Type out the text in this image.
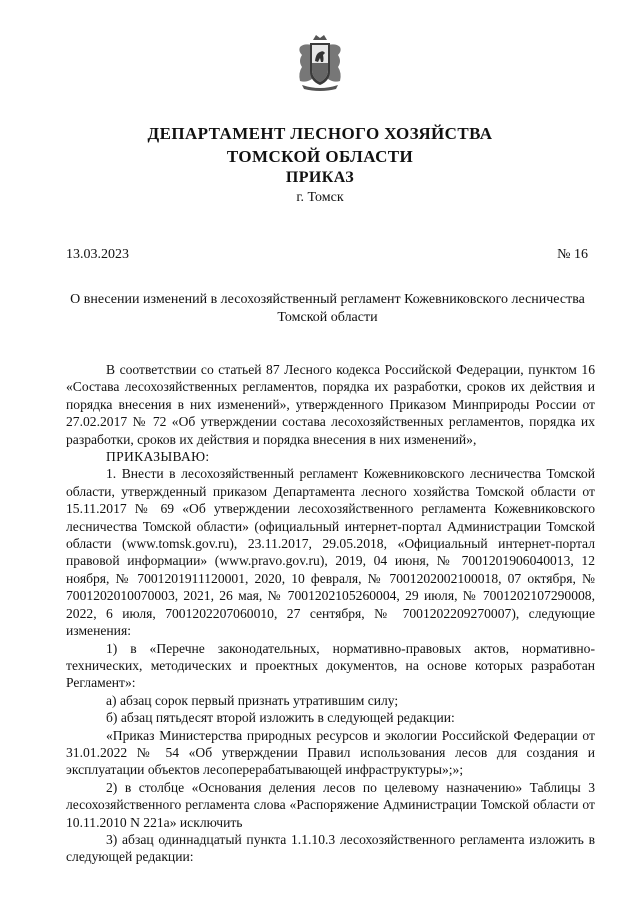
ДЕПАРТАМЕНТ ЛЕСНОГО ХОЗЯЙСТВА
ТОМСКОЙ ОБЛАСТИ
ПРИКАЗ
г. Томск
13.03.2023	№ 16
О внесении изменений в лесохозяйственный регламент Кожевниковского лесничества Томской области

В соответствии со статьей 87 Лесного кодекса Российской Федерации, пунктом 16 «Состава лесохозяйственных регламентов, порядка их разработки, сроков их действия и порядка внесения в них изменений», утвержденного Приказом Минприроды России от 27.02.2017 № 72 «Об утверждении состава лесохозяйственных регламентов, порядка их разработки, сроков их действия и порядка внесения в них изменений»,

ПРИКАЗЫВАЮ:

1. Внести в лесохозяйственный регламент Кожевниковского лесничества Томской области, утвержденный приказом Департамента лесного хозяйства Томской области от 15.11.2017 № 69 «Об утверждении лесохозяйственного регламента Кожевниковского лесничества Томской области» (официальный интернет-портал Администрации Томской области (www.tomsk.gov.ru), 23.11.2017, 29.05.2018, «Официальный интернет-портал правовой информации» (www.pravo.gov.ru), 2019, 04 июня, № 7001201906040013, 12 ноября, № 7001201911120001, 2020, 10 февраля, № 7001202002100018, 07 октября, № 7001202010070003, 2021, 26 мая, № 7001202105260004, 29 июля, № 7001202107290008, 2022, 6 июля, 7001202207060010, 27 сентября, № 7001202209270007), следующие изменения:

1) в «Перечне законодательных, нормативно-правовых актов, нормативно-технических, методических и проектных документов, на основе которых разработан Регламент»:

а) абзац сорок первый признать утратившим силу;

б) абзац пятьдесят второй изложить в следующей редакции:

«Приказ Министерства природных ресурсов и экологии Российской Федерации от 31.01.2022 № 54 «Об утверждении Правил использования лесов для создания и эксплуатации объектов лесоперерабатывающей инфраструктуры»;»;

2) в столбце «Основания деления лесов по целевому назначению» Таблицы 3 лесохозяйственного регламента слова «Распоряжение Администрации Томской области от 10.11.2010 N 221а» исключить

3) абзац одиннадцатый пункта 1.1.10.3 лесохозяйственного регламента изложить в следующей редакции:
